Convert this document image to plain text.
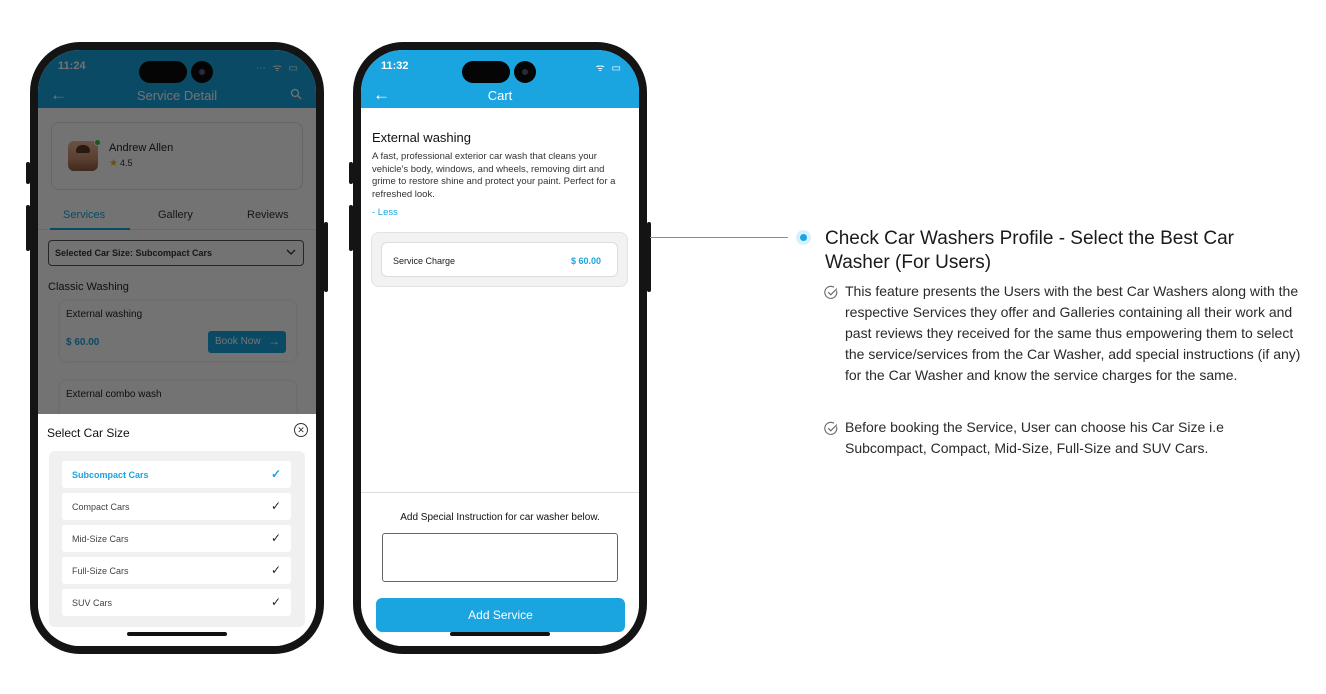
Select Car Size	✕
Subcompact Cars	✓
Compact Cars	✓
Mid-Size Cars	✓
Full-Size Cars	✓
SUV Cars	✓
11:32	ᯤ ▭
←	Cart
External washing

A fast, professional exterior car wash that cleans your vehicle's body, windows, and wheels, removing dirt and grime to restore shine and protect your paint. Perfect for a refreshed look.

- Less
Service Charge	$ 60.00
Add Special Instruction for car washer below.
Add Service
Check Car Washers Profile - Select the Best Car Washer (For Users)

This feature presents the Users with the best Car Washers along with the respective Services they offer and Galleries containing all their work and past reviews they received for the same thus empowering them to select the service/services from the Car Washer, add special instructions (if any) for the Car Washer and know the service charges for the same.

Before booking the Service, User can choose his Car Size i.e Subcompact, Compact, Mid-Size, Full-Size and SUV Cars.
